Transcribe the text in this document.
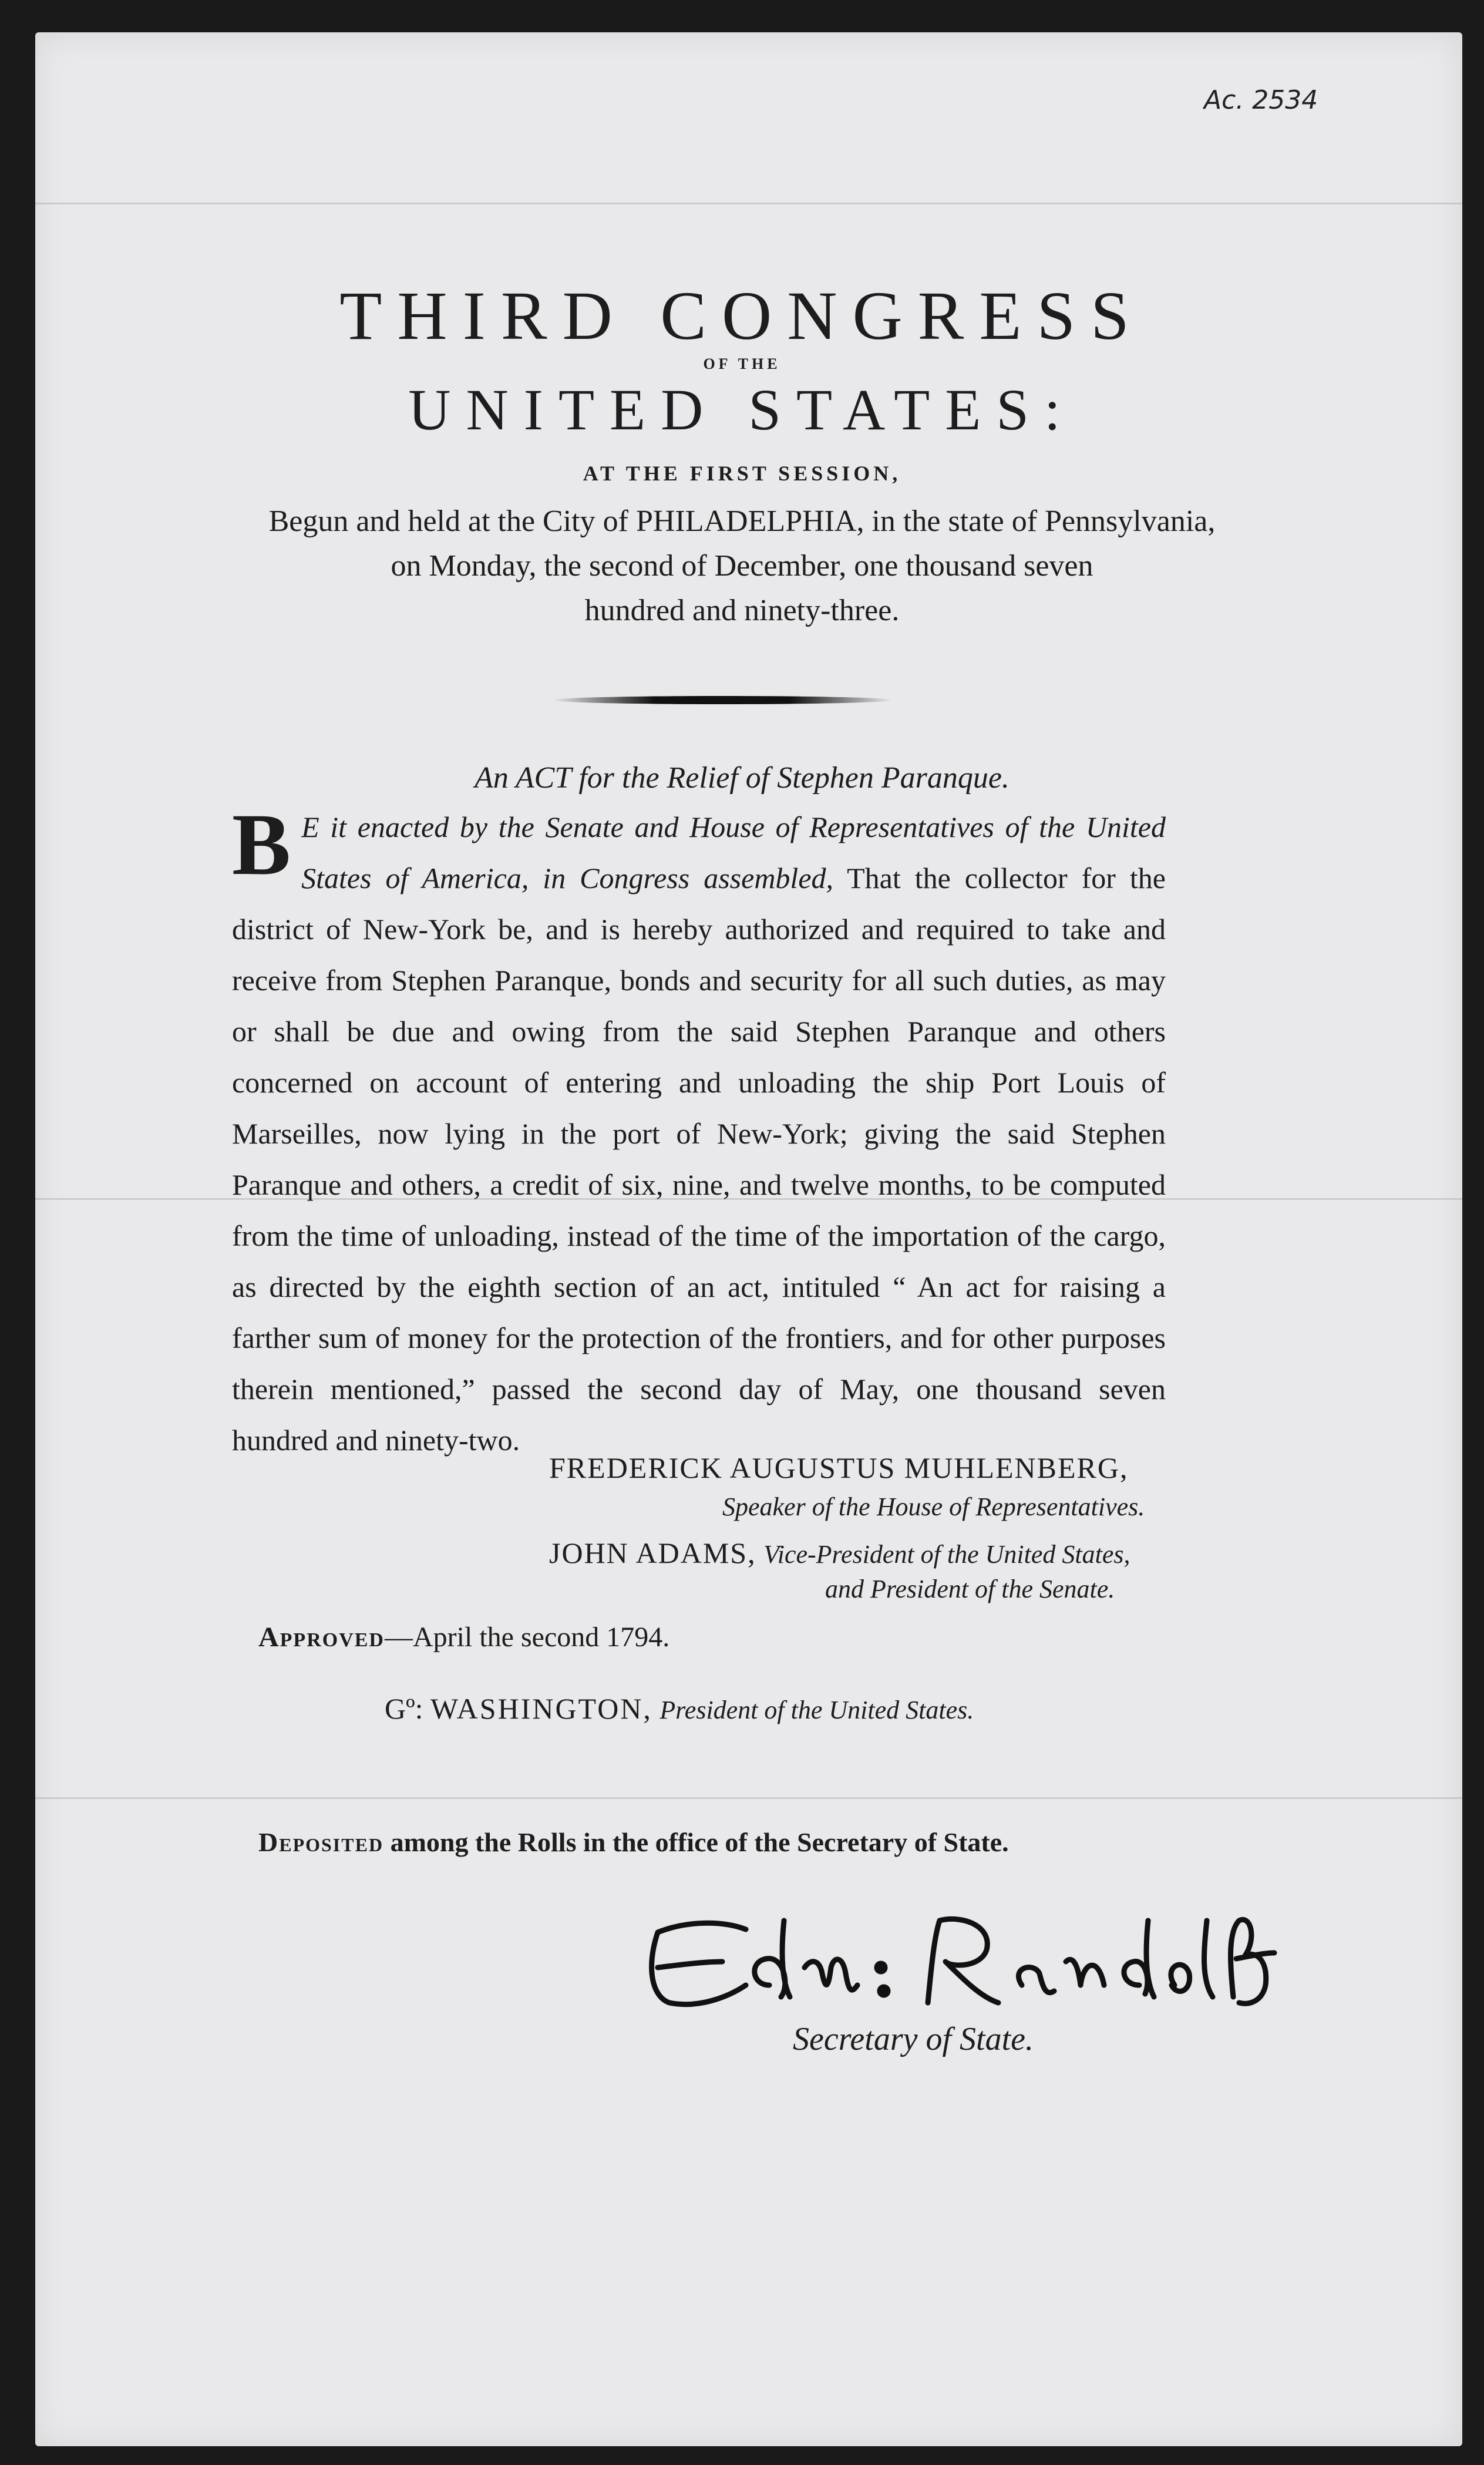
Ac. 2534
THIRD CONGRESS
OF THE
UNITED STATES:
AT THE FIRST SESSION,
Begun and held at the City of PHILADELPHIA, in the state of Pennsylvania,
on Monday, the second of December, one thousand seven
hundred and ninety-three.
An ACT for the Relief of Stephen Paranque.
B E it enacted by the Senate and House of Representatives of the United States of America, in Congress assembled, That the collector for the district of New-York be, and is hereby authorized and required to take and receive from Stephen Paranque, bonds and security for all such duties, as may or shall be due and owing from the said Stephen Paranque and others concerned on account of entering and unloading the ship Port Louis of Marseilles, now lying in the port of New-York; giving the said Stephen Paranque and others, a credit of six, nine, and twelve months, to be computed from the time of unloading, instead of the time of the importation of the cargo, as directed by the eighth section of an act, intituled “ An act for raising a farther sum of money for the protection of the frontiers, and for other purposes therein mentioned,” passed the second day of May, one thousand seven hundred and ninety-two.
FREDERICK AUGUSTUS MUHLENBERG,
Speaker of the House of Representatives.
JOHN ADAMS, Vice-President of the United States,
and President of the Senate.
Approved—April the second 1794.
Gº: WASHINGTON, President of the United States.
Deposited among the Rolls in the office of the Secretary of State.
Secretary of State.
